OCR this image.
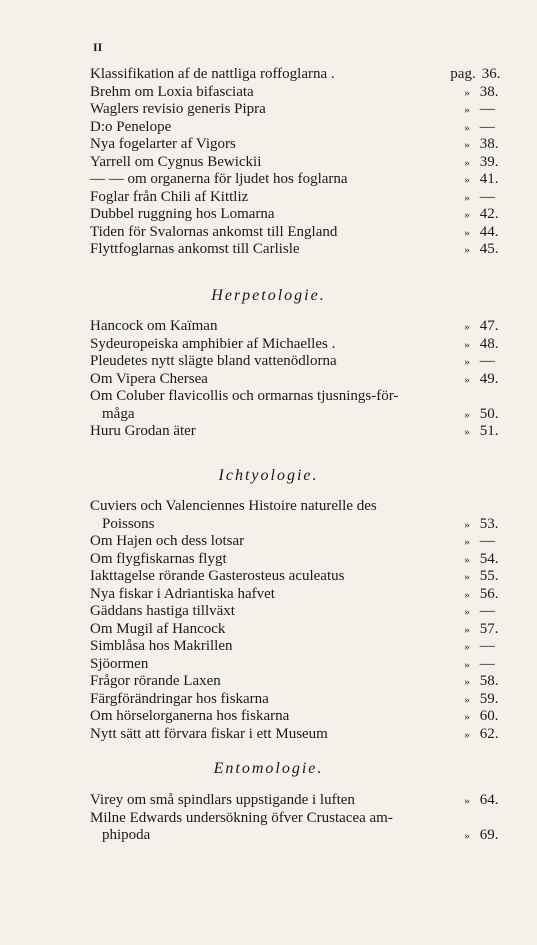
II
Klassifikation af de nattliga roffoglarna .	pag. 36.
Brehm om Loxia bifasciata	» 38.
Waglers revisio generis Pipra	» —
D:o Penelope	» —
Nya fogelarter af Vigors	» 38.
Yarrell om Cygnus Bewickii	» 39.
— — om organerna för ljudet hos foglarna	» 41.
Foglar från Chili af Kittliz	» —
Dubbel ruggning hos Lomarna	» 42.
Tiden för Svalornas ankomst till England	» 44.
Flyttfoglarnas ankomst till Carlisle	» 45.
Herpetologie.
Hancock om Kaïman	» 47.
Sydeuropeiska amphibier af Michaelles .	» 48.
Pleudetes nytt slägte bland vattenödlorna	» —
Om Vipera Chersea	» 49.
Om Coluber flavicollis och ormarnas tjusnings-för-
måga	» 50.
Huru Grodan äter	» 51.
Ichtyologie.
Cuviers och Valenciennes Histoire naturelle des
Poissons	» 53.
Om Hajen och dess lotsar	» —
Om flygfiskarnas flygt	» 54.
Iakttagelse rörande Gasterosteus aculeatus	» 55.
Nya fiskar i Adriantiska hafvet	» 56.
Gäddans hastiga tillväxt	» —
Om Mugil af Hancock	» 57.
Simblåsa hos Makrillen	» —
Sjöormen	» —
Frågor rörande Laxen	» 58.
Färgförändringar hos fiskarna	» 59.
Om hörselorganerna hos fiskarna	» 60.
Nytt sätt att förvara fiskar i ett Museum	» 62.
Entomologie.
Virey om små spindlars uppstigande i luften	» 64.
Milne Edwards undersökning öfver Crustacea am-
phipoda	» 69.
